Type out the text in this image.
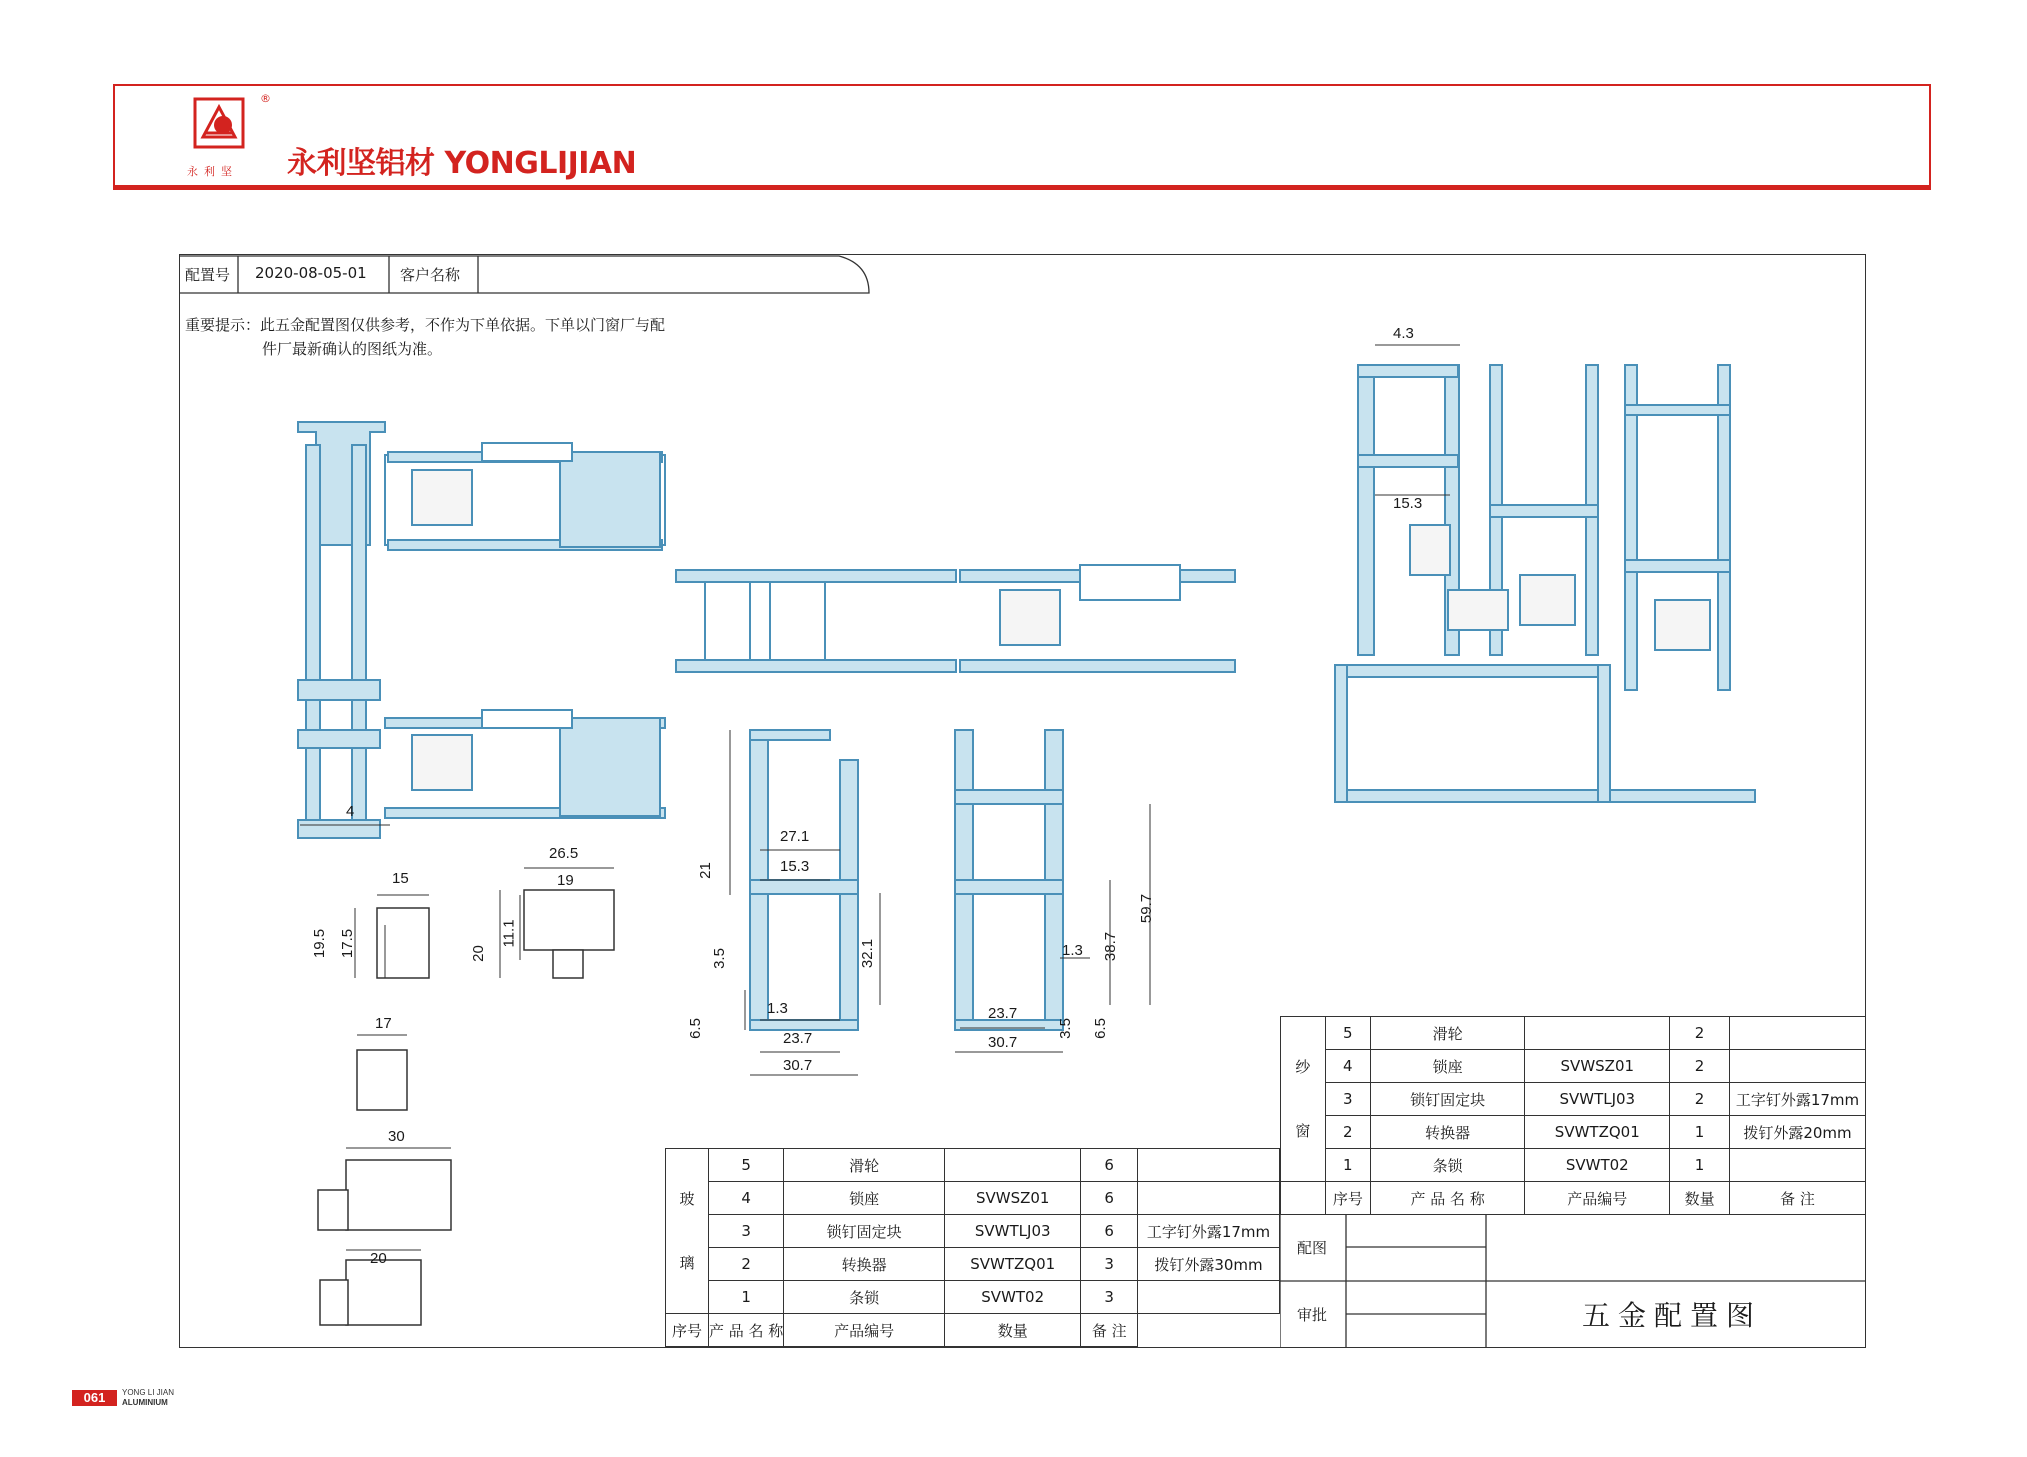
®
永利坚 永利坚铝材 YONGLIJIAN
配置号 2020-08-05-01 客户名称
重要提示：此五金配置图仅供参考，不作为下单依据。下单以门窗厂与配
件厂最新确认的图纸为准。
4.3
15.3
4
15
19.5 17.5
26.5
19
20
11.1
17
30
20
21
27.1
15.3
3.5	32.1
6.5
1.3
23.7
30.7
59.7
38.7
1.3
23.7
3.5 6.5
30.7
纱
窗	5	滑轮		2	
	4	锁座	SVWSZ01	2	
	3	锁钉固定块	SVWTLJ03	2	工字钉外露17mm
	2	转换器	SVWTZQ01	1	拨钉外露20mm
	1	条锁	SVWT02	1	
	序号	产 品 名 称	产品编号	数量	备 注
玻
璃	5	滑轮		6	
	4	锁座	SVWSZ01	6	
	3	锁钉固定块	SVWTLJ03	6	工字钉外露17mm
	2	转换器	SVWTZQ01	3	拨钉外露30mm
	1	条锁	SVWT02	3	
序号	产 品 名 称	产品编号	数量	备 注	
配图
审批	五金配置图
061	YONG LI JIAN
ALUMINIUM
